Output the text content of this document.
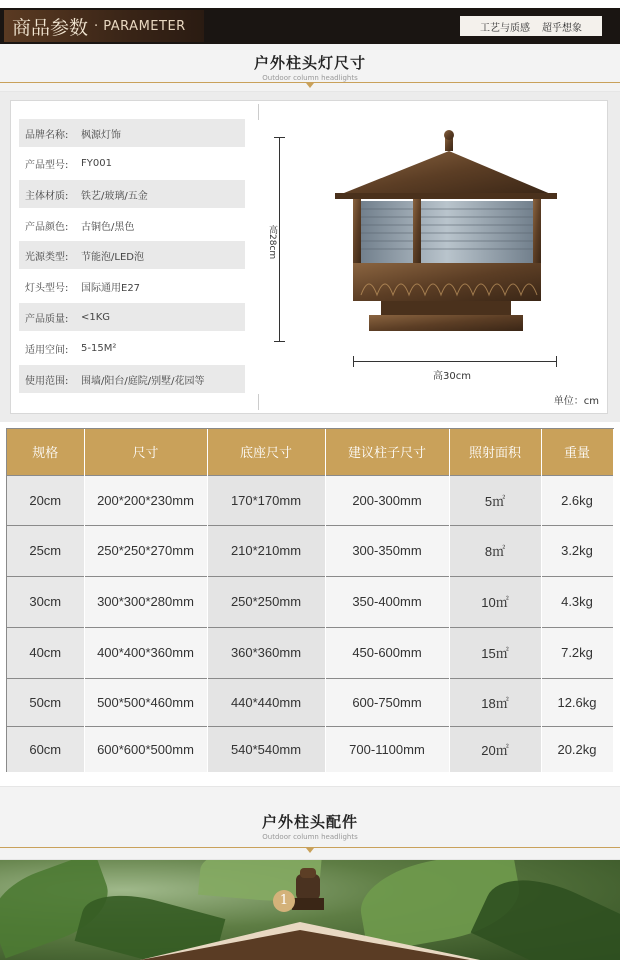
商品参数 · PARAMETER	工艺与质感 超乎想象
户外柱头灯尺寸
Outdoor column headlights
品牌名称:	枫源灯饰
产品型号:	FY001
主体材质:	铁艺/玻璃/五金
产品颜色:	古铜色/黑色
光源类型:	节能泡/LED泡
灯头型号:	国际通用E27
产品质量:	<1KG
适用空间:	5-15M²
使用范围:	围墙/阳台/庭院/别墅/花园等
高28cm
高30cm
单位：cm
规格	尺寸	底座尺寸	建议柱子尺寸	照射面积	重量
20cm	200*200*230mm	170*170mm	200-300mm	5㎡	2.6kg
25cm	250*250*270mm	210*210mm	300-350mm	8㎡	3.2kg
30cm	300*300*280mm	250*250mm	350-400mm	10㎡	4.3kg
40cm	400*400*360mm	360*360mm	450-600mm	15㎡	7.2kg
50cm	500*500*460mm	440*440mm	600-750mm	18㎡	12.6kg
60cm	600*600*500mm	540*540mm	700-1100mm	20㎡	20.2kg
户外柱头配件
Outdoor column headlights
1
